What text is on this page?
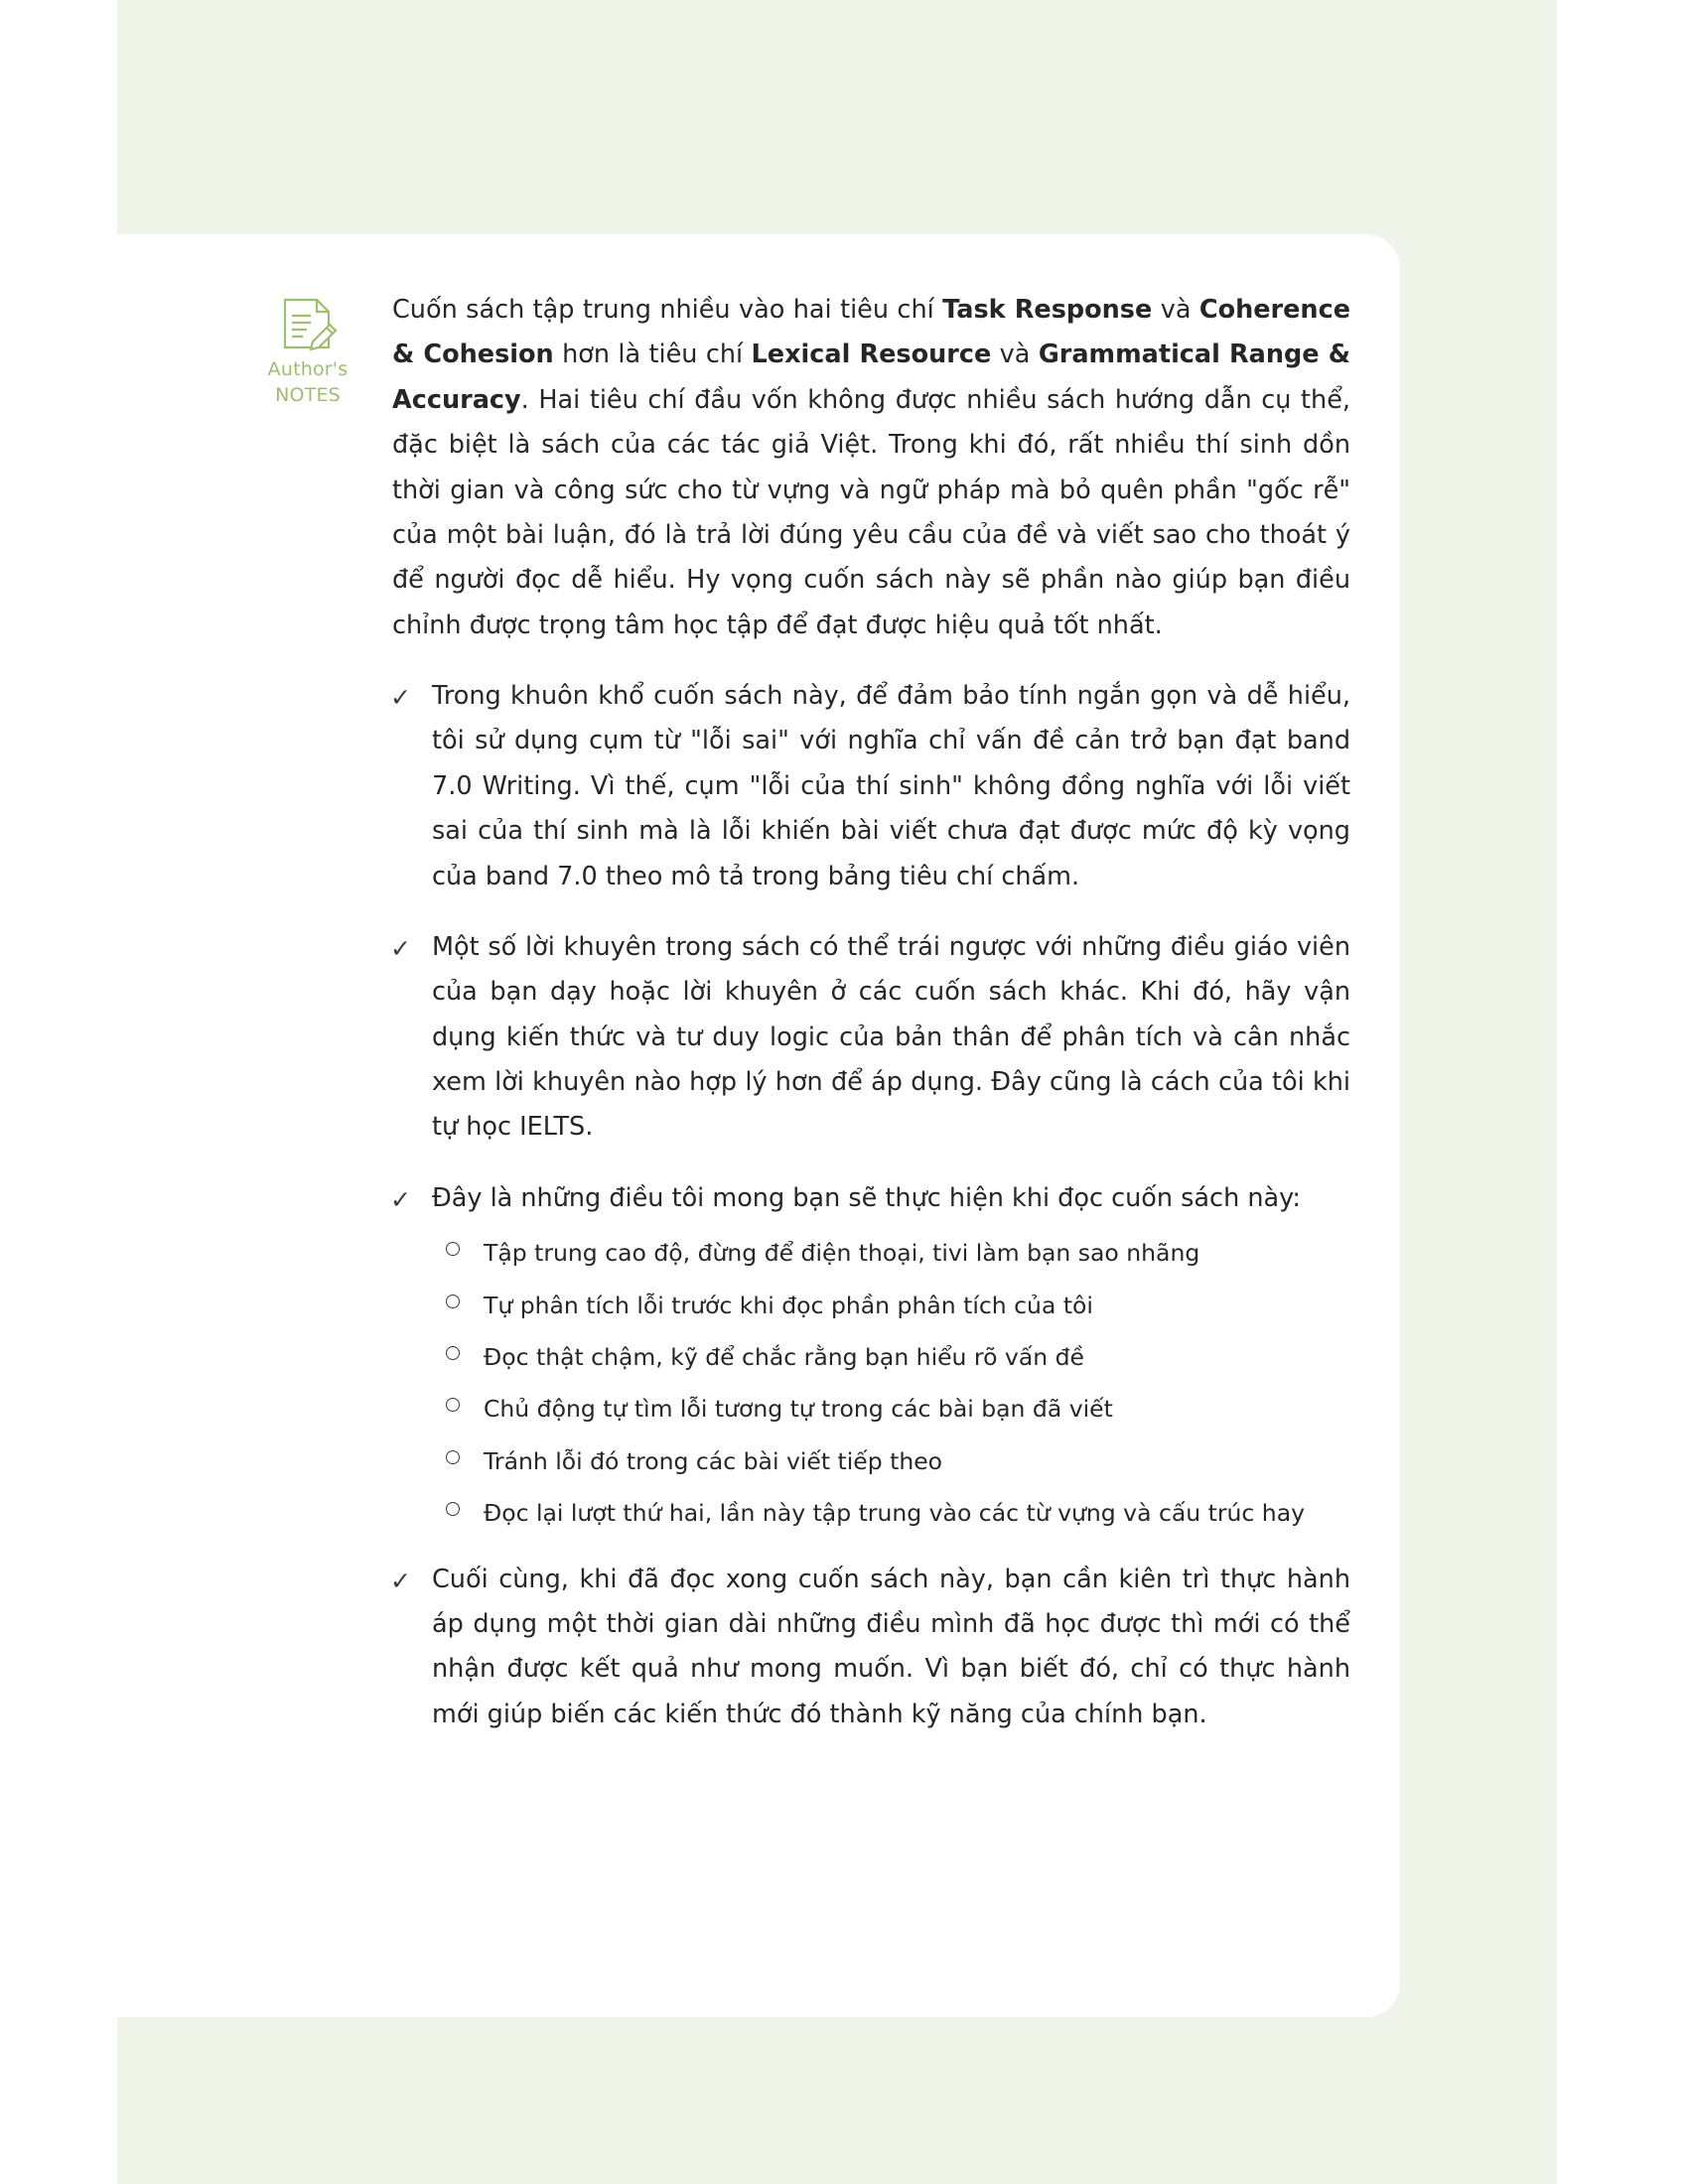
Author's
NOTES

Cuốn sách tập trung nhiều vào hai tiêu chí Task Response và Coherence & Cohesion hơn là tiêu chí Lexical Resource và Grammatical Range & Accuracy. Hai tiêu chí đầu vốn không được nhiều sách hướng dẫn cụ thể, đặc biệt là sách của các tác giả Việt. Trong khi đó, rất nhiều thí sinh dồn thời gian và công sức cho từ vựng và ngữ pháp mà bỏ quên phần "gốc rễ" của một bài luận, đó là trả lời đúng yêu cầu của đề và viết sao cho thoát ý để người đọc dễ hiểu. Hy vọng cuốn sách này sẽ phần nào giúp bạn điều chỉnh được trọng tâm học tập để đạt được hiệu quả tốt nhất.

✓ Trong khuôn khổ cuốn sách này, để đảm bảo tính ngắn gọn và dễ hiểu, tôi sử dụng cụm từ "lỗi sai" với nghĩa chỉ vấn đề cản trở bạn đạt band 7.0 Writing. Vì thế, cụm "lỗi của thí sinh" không đồng nghĩa với lỗi viết sai của thí sinh mà là lỗi khiến bài viết chưa đạt được mức độ kỳ vọng của band 7.0 theo mô tả trong bảng tiêu chí chấm.
✓ Một số lời khuyên trong sách có thể trái ngược với những điều giáo viên của bạn dạy hoặc lời khuyên ở các cuốn sách khác. Khi đó, hãy vận dụng kiến thức và tư duy logic của bản thân để phân tích và cân nhắc xem lời khuyên nào hợp lý hơn để áp dụng. Đây cũng là cách của tôi khi tự học IELTS.
✓ Đây là những điều tôi mong bạn sẽ thực hiện khi đọc cuốn sách này:
Tập trung cao độ, đừng để điện thoại, tivi làm bạn sao nhãng
Tự phân tích lỗi trước khi đọc phần phân tích của tôi
Đọc thật chậm, kỹ để chắc rằng bạn hiểu rõ vấn đề
Chủ động tự tìm lỗi tương tự trong các bài bạn đã viết
Tránh lỗi đó trong các bài viết tiếp theo
Đọc lại lượt thứ hai, lần này tập trung vào các từ vựng và cấu trúc hay
✓ Cuối cùng, khi đã đọc xong cuốn sách này, bạn cần kiên trì thực hành áp dụng một thời gian dài những điều mình đã học được thì mới có thể nhận được kết quả như mong muốn. Vì bạn biết đó, chỉ có thực hành mới giúp biến các kiến thức đó thành kỹ năng của chính bạn.
